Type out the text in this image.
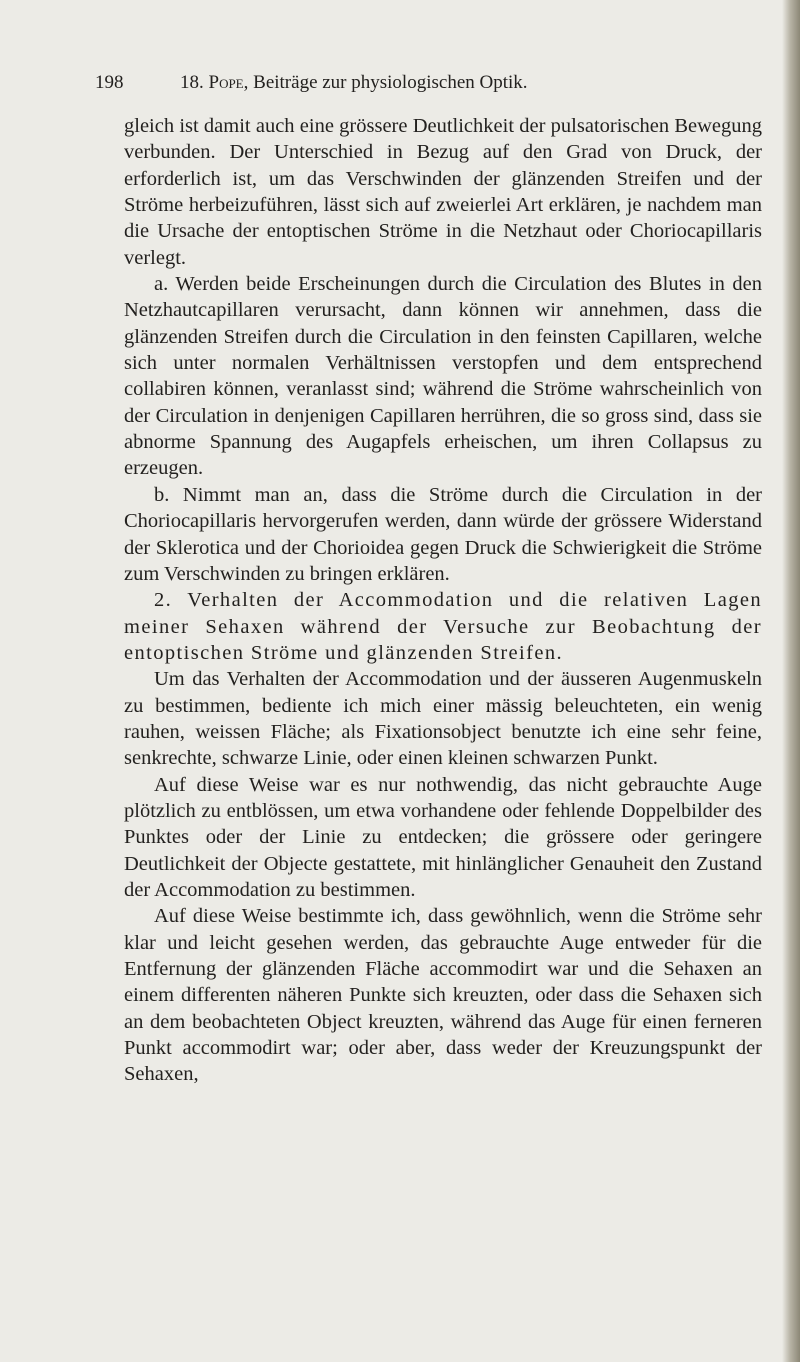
198	18. Pope, Beiträge zur physiologischen Optik.

gleich ist damit auch eine grössere Deutlichkeit der pulsatorischen Bewegung verbunden. Der Unterschied in Bezug auf den Grad von Druck, der erforderlich ist, um das Verschwinden der glänzenden Streifen und der Ströme herbeizuführen, lässt sich auf zweierlei Art erklären, je nachdem man die Ursache der entoptischen Ströme in die Netzhaut oder Choriocapillaris verlegt.

a. Werden beide Erscheinungen durch die Circulation des Blutes in den Netzhautcapillaren verursacht, dann können wir annehmen, dass die glänzenden Streifen durch die Circulation in den feinsten Capillaren, welche sich unter normalen Verhältnissen verstopfen und dem entsprechend collabiren können, veranlasst sind; während die Ströme wahrscheinlich von der Circulation in denjenigen Capillaren herrühren, die so gross sind, dass sie abnorme Spannung des Augapfels erheischen, um ihren Collapsus zu erzeugen.

b. Nimmt man an, dass die Ströme durch die Circulation in der Choriocapillaris hervorgerufen werden, dann würde der grössere Widerstand der Sklerotica und der Chorioidea gegen Druck die Schwierigkeit die Ströme zum Verschwinden zu bringen erklären.

2. Verhalten der Accommodation und die relativen Lagen meiner Sehaxen während der Versuche zur Beobachtung der entoptischen Ströme und glänzenden Streifen.

Um das Verhalten der Accommodation und der äusseren Augenmuskeln zu bestimmen, bediente ich mich einer mässig beleuchteten, ein wenig rauhen, weissen Fläche; als Fixationsobject benutzte ich eine sehr feine, senkrechte, schwarze Linie, oder einen kleinen schwarzen Punkt.

Auf diese Weise war es nur nothwendig, das nicht gebrauchte Auge plötzlich zu entblössen, um etwa vorhandene oder fehlende Doppelbilder des Punktes oder der Linie zu entdecken; die grössere oder geringere Deutlichkeit der Objecte gestattete, mit hinlänglicher Genauheit den Zustand der Accommodation zu bestimmen.

Auf diese Weise bestimmte ich, dass gewöhnlich, wenn die Ströme sehr klar und leicht gesehen werden, das gebrauchte Auge entweder für die Entfernung der glänzenden Fläche accommodirt war und die Sehaxen an einem differenten näheren Punkte sich kreuzten, oder dass die Sehaxen sich an dem beobachteten Object kreuzten, während das Auge für einen ferneren Punkt accommodirt war; oder aber, dass weder der Kreuzungspunkt der Sehaxen,
